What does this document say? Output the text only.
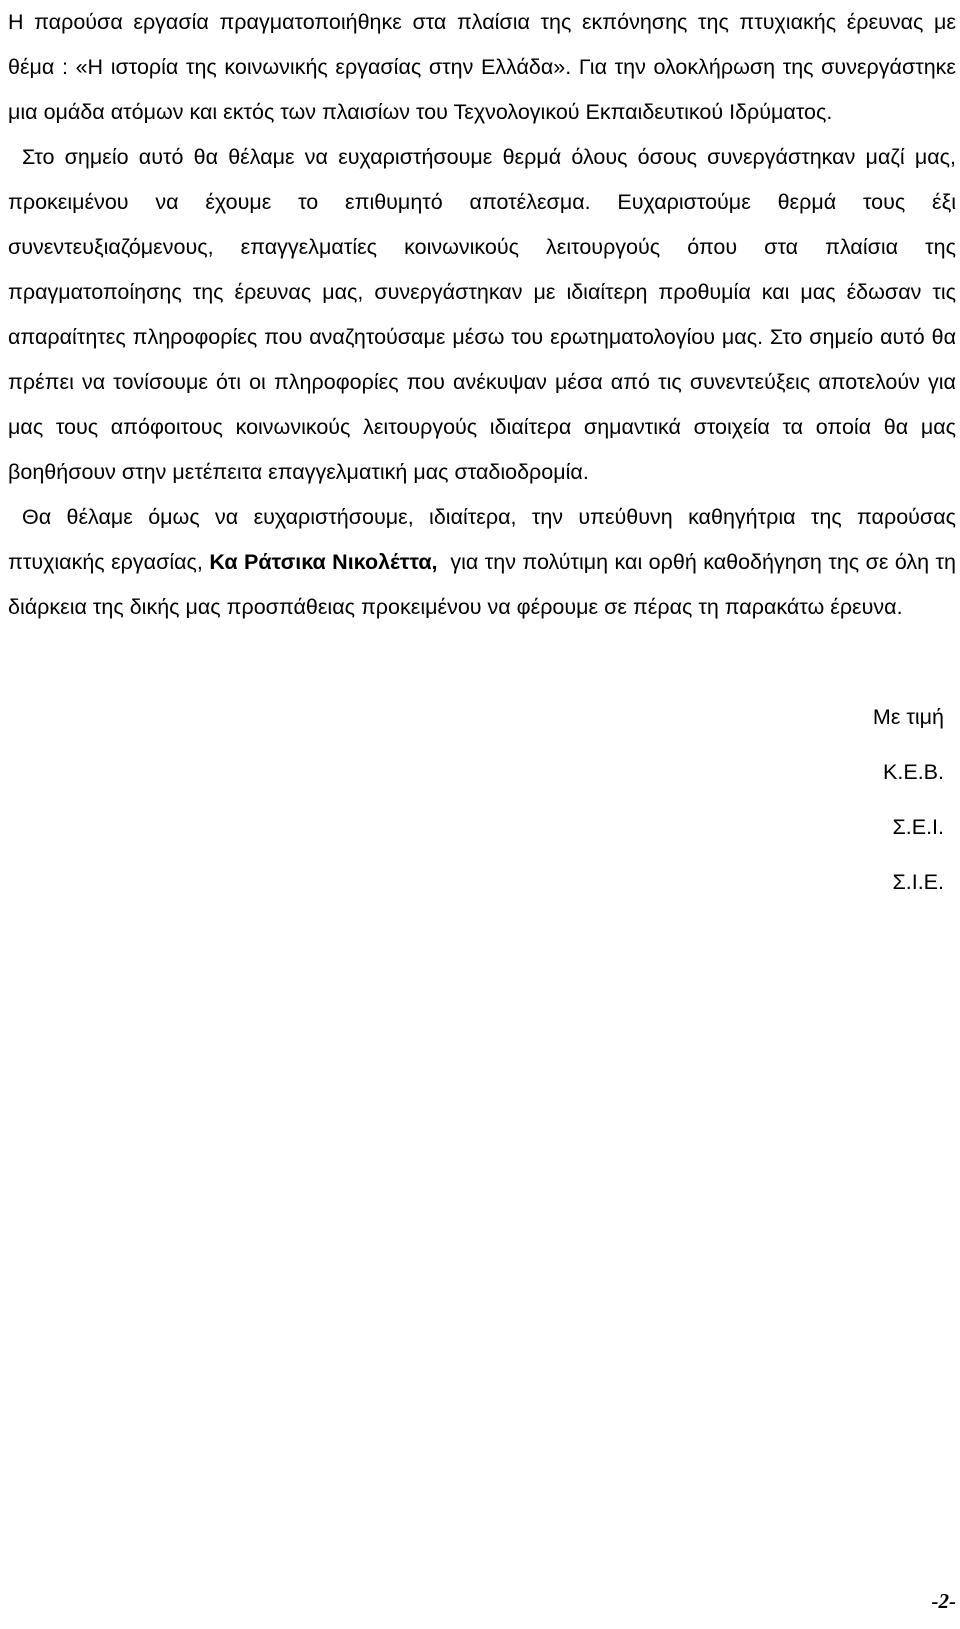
Η παρούσα εργασία πραγματοποιήθηκε στα πλαίσια της εκπόνησης της πτυχιακής έρευνας με θέμα : «Η ιστορία της κοινωνικής εργασίας στην Ελλάδα». Για την ολοκλήρωση της συνεργάστηκε μια ομάδα ατόμων και εκτός των πλαισίων του Τεχνολογικού Εκπαιδευτικού Ιδρύματος.

Στο σημείο αυτό θα θέλαμε να ευχαριστήσουμε θερμά όλους όσους συνεργάστηκαν μαζί μας, προκειμένου να έχουμε το επιθυμητό αποτέλεσμα. Ευχαριστούμε θερμά τους έξι συνεντευξιαζόμενους, επαγγελματίες κοινωνικούς λειτουργούς όπου στα πλαίσια της πραγματοποίησης της έρευνας μας, συνεργάστηκαν με ιδιαίτερη προθυμία και μας έδωσαν τις απαραίτητες πληροφορίες που αναζητούσαμε μέσω του ερωτηματολογίου μας. Στο σημείο αυτό θα πρέπει να τονίσουμε ότι οι πληροφορίες που ανέκυψαν μέσα από τις συνεντεύξεις αποτελούν για μας τους απόφοιτους κοινωνικούς λειτουργούς ιδιαίτερα σημαντικά στοιχεία τα οποία θα μας βοηθήσουν στην μετέπειτα επαγγελματική μας σταδιοδρομία.

Θα θέλαμε όμως να ευχαριστήσουμε, ιδιαίτερα, την υπεύθυνη καθηγήτρια της παρούσας πτυχιακής εργασίας, Κα Ράτσικα Νικολέττα, για την πολύτιμη και ορθή καθοδήγηση της σε όλη τη διάρκεια της δικής μας προσπάθειας προκειμένου να φέρουμε σε πέρας τη παρακάτω έρευνα.

Με τιμή
Κ.Ε.Β.
Σ.Ε.Ι.
Σ.Ι.Ε.
-2-
